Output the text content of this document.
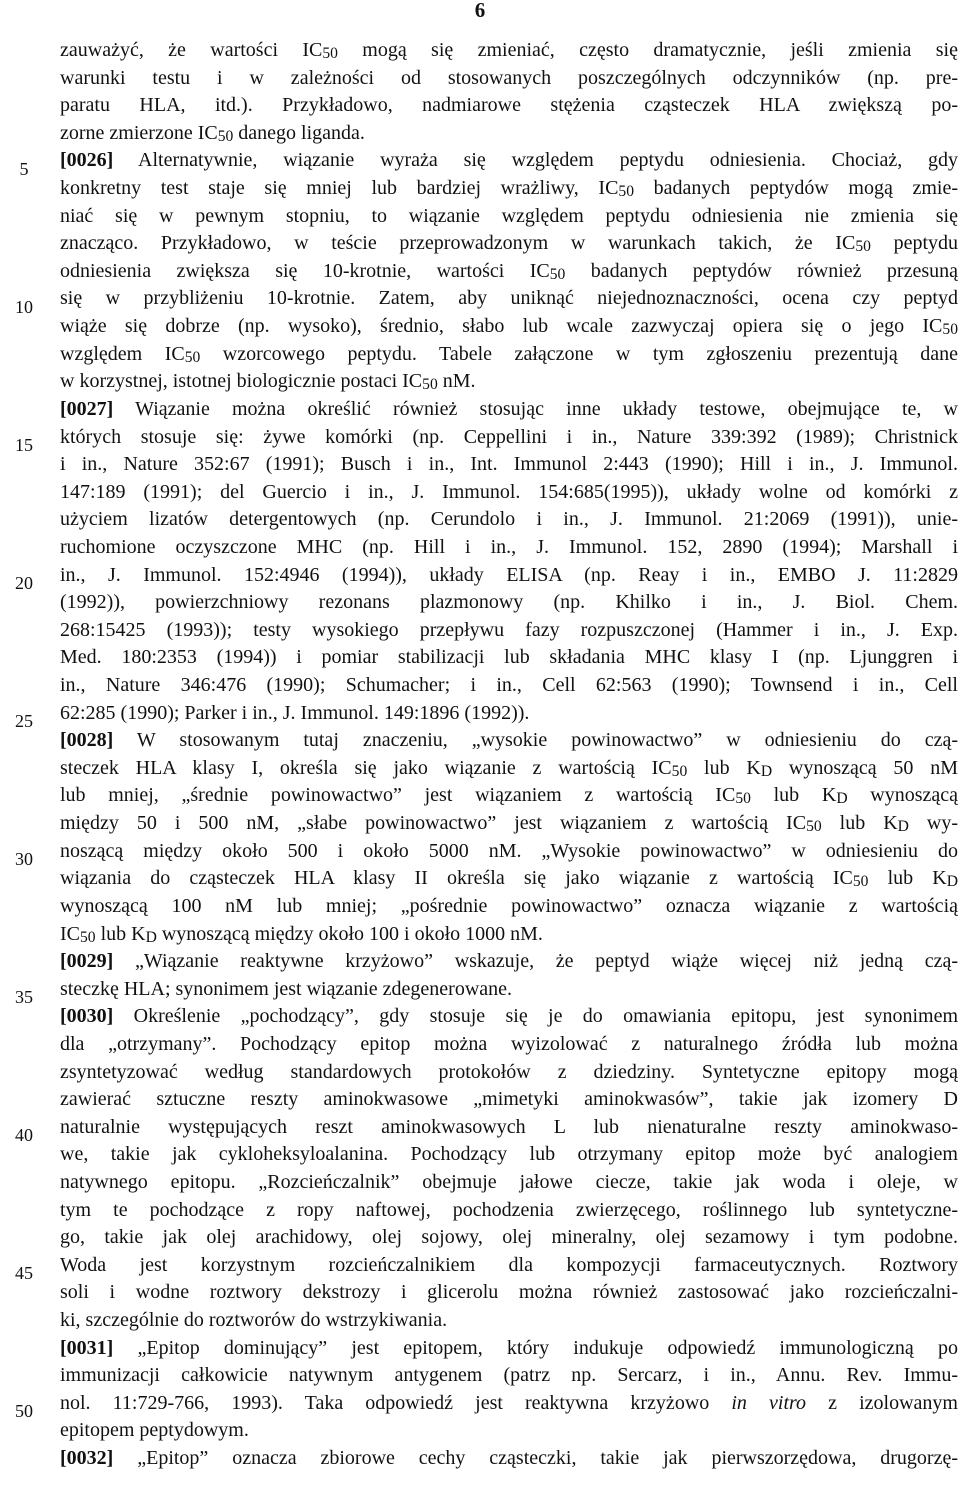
6
5
10
15
20
25
30
35
40
45
50
zauważyć, że wartości IC50 mogą się zmieniać, często dramatycznie, jeśli zmienia się
warunki testu i w zależności od stosowanych poszczególnych odczynników (np. pre-
paratu HLA, itd.). Przykładowo, nadmiarowe stężenia cząsteczek HLA zwiększą po-
zorne zmierzone IC50 danego liganda.
[0026] Alternatywnie, wiązanie wyraża się względem peptydu odniesienia. Chociaż, gdy
konkretny test staje się mniej lub bardziej wrażliwy, IC50 badanych peptydów mogą zmie-
niać się w pewnym stopniu, to wiązanie względem peptydu odniesienia nie zmienia się
znacząco. Przykładowo, w teście przeprowadzonym w warunkach takich, że IC50 peptydu
odniesienia zwiększa się 10-krotnie, wartości IC50 badanych peptydów również przesuną
się w przybliżeniu 10-krotnie. Zatem, aby uniknąć niejednoznaczności, ocena czy peptyd
wiąże się dobrze (np. wysoko), średnio, słabo lub wcale zazwyczaj opiera się o jego IC50
względem IC50 wzorcowego peptydu. Tabele załączone w tym zgłoszeniu prezentują dane
w korzystnej, istotnej biologicznie postaci IC50 nM.
[0027] Wiązanie można określić również stosując inne układy testowe, obejmujące te, w
których stosuje się: żywe komórki (np. Ceppellini i in., Nature 339:392 (1989); Christnick
i in., Nature 352:67 (1991); Busch i in., Int. Immunol 2:443 (1990); Hill i in., J. Immunol.
147:189 (1991); del Guercio i in., J. Immunol. 154:685(1995)), układy wolne od komórki z
użyciem lizatów detergentowych (np. Cerundolo i in., J. Immunol. 21:2069 (1991)), unie-
ruchomione oczyszczone MHC (np. Hill i in., J. Immunol. 152, 2890 (1994); Marshall i
in., J. Immunol. 152:4946 (1994)), układy ELISA (np. Reay i in., EMBO J. 11:2829
(1992)), powierzchniowy rezonans plazmonowy (np. Khilko i in., J. Biol. Chem.
268:15425 (1993)); testy wysokiego przepływu fazy rozpuszczonej (Hammer i in., J. Exp.
Med. 180:2353 (1994)) i pomiar stabilizacji lub składania MHC klasy I (np. Ljunggren i
in., Nature 346:476 (1990); Schumacher; i in., Cell 62:563 (1990); Townsend i in., Cell
62:285 (1990); Parker i in., J. Immunol. 149:1896 (1992)).
[0028] W stosowanym tutaj znaczeniu, „wysokie powinowactwo” w odniesieniu do czą-
steczek HLA klasy I, określa się jako wiązanie z wartością IC50 lub KD wynoszącą 50 nM
lub mniej, „średnie powinowactwo” jest wiązaniem z wartością IC50 lub KD wynoszącą
między 50 i 500 nM, „słabe powinowactwo” jest wiązaniem z wartością IC50 lub KD wy-
noszącą między około 500 i około 5000 nM. „Wysokie powinowactwo” w odniesieniu do
wiązania do cząsteczek HLA klasy II określa się jako wiązanie z wartością IC50 lub KD
wynoszącą 100 nM lub mniej; „pośrednie powinowactwo” oznacza wiązanie z wartością
IC50 lub KD wynoszącą między około 100 i około 1000 nM.
[0029] „Wiązanie reaktywne krzyżowo” wskazuje, że peptyd wiąże więcej niż jedną czą-
steczkę HLA; synonimem jest wiązanie zdegenerowane.
[0030] Określenie „pochodzący”, gdy stosuje się je do omawiania epitopu, jest synonimem
dla „otrzymany”. Pochodzący epitop można wyizolować z naturalnego źródła lub można
zsyntetyzować według standardowych protokołów z dziedziny. Syntetyczne epitopy mogą
zawierać sztuczne reszty aminokwasowe „mimetyki aminokwasów”, takie jak izomery D
naturalnie występujących reszt aminokwasowych L lub nienaturalne reszty aminokwaso-
we, takie jak cykloheksyloalanina. Pochodzący lub otrzymany epitop może być analogiem
natywnego epitopu. „Rozcieńczalnik” obejmuje jałowe ciecze, takie jak woda i oleje, w
tym te pochodzące z ropy naftowej, pochodzenia zwierzęcego, roślinnego lub syntetyczne-
go, takie jak olej arachidowy, olej sojowy, olej mineralny, olej sezamowy i tym podobne.
Woda jest korzystnym rozcieńczalnikiem dla kompozycji farmaceutycznych. Roztwory
soli i wodne roztwory dekstrozy i glicerolu można również zastosować jako rozcieńczalni-
ki, szczególnie do roztworów do wstrzykiwania.
[0031] „Epitop dominujący” jest epitopem, który indukuje odpowiedź immunologiczną po
immunizacji całkowicie natywnym antygenem (patrz np. Sercarz, i in., Annu. Rev. Immu-
nol. 11:729-766, 1993). Taka odpowiedź jest reaktywna krzyżowo in vitro z izolowanym
epitopem peptydowym.
[0032] „Epitop” oznacza zbiorowe cechy cząsteczki, takie jak pierwszorzędowa, drugorzę-
